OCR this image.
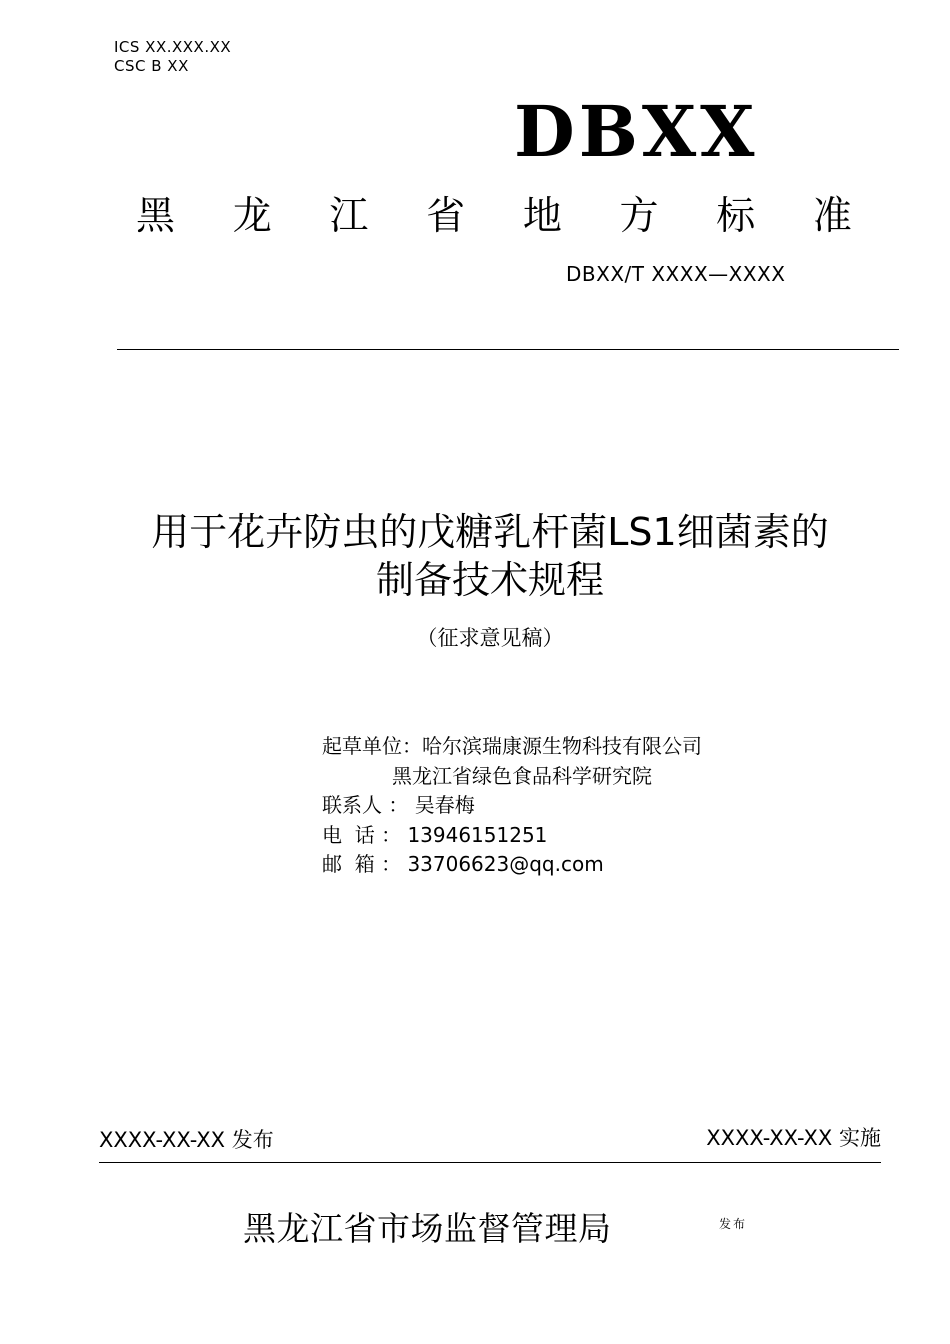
ICS XX.XXX.XX
CSC B XX
DBXX
黑 龙 江 省 地 方 标 准
DBXX/T XXXX—XXXX
用于花卉防虫的戊糖乳杆菌LS1细菌素的
制备技术规程
（征求意见稿）
起草单位：哈尔滨瑞康源生物科技有限公司
黑龙江省绿色食品科学研究院
联系人 ： 吴春梅
电  话 ： 13946151251
邮  箱 ： 33706623@qq.com
XXXX-XX-XX 发布	XXXX-XX-XX 实施
黑龙江省市场监督管理局	发布
